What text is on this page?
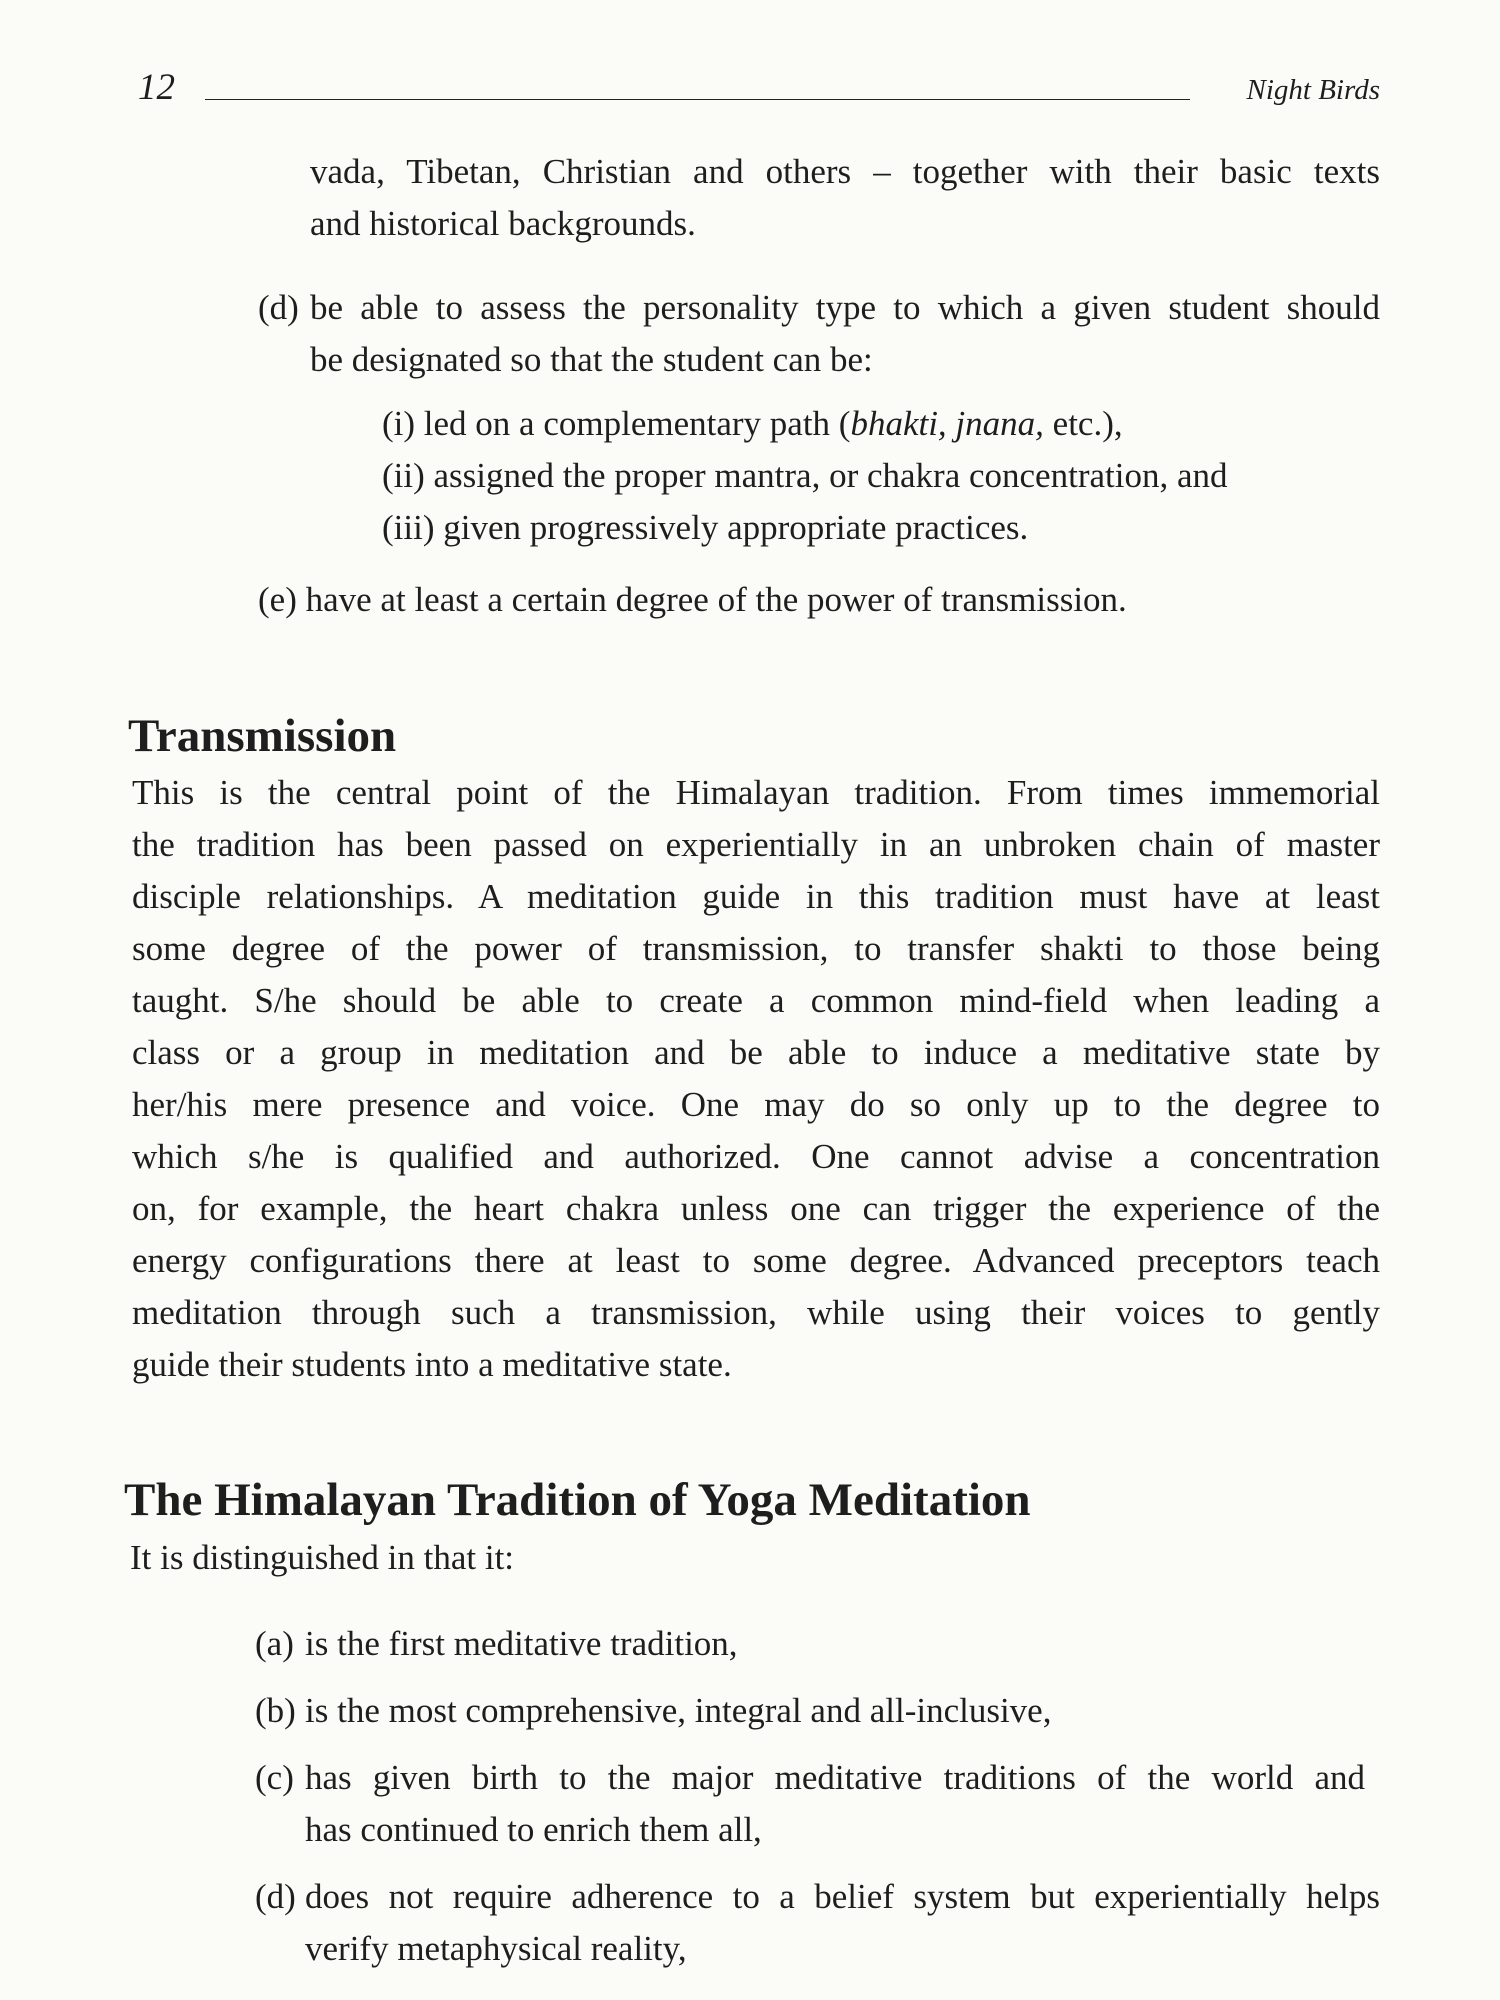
12	Night Birds
vada, Tibetan, Christian and others – together with their basic texts
and historical backgrounds.
(d) be able to assess the personality type to which a given student should
be designated so that the student can be:
(i) led on a complementary path (bhakti, jnana, etc.),
(ii) assigned the proper mantra, or chakra concentration, and
(iii) given progressively appropriate practices.
(e) have at least a certain degree of the power of transmission.
Transmission
This is the central point of the Himalayan tradition. From times immemorial
the tradition has been passed on experientially in an unbroken chain of master
disciple relationships. A meditation guide in this tradition must have at least
some degree of the power of transmission, to transfer shakti to those being
taught. S/he should be able to create a common mind-field when leading a
class or a group in meditation and be able to induce a meditative state by
her/his mere presence and voice. One may do so only up to the degree to
which s/he is qualified and authorized. One cannot advise a concentration
on, for example, the heart chakra unless one can trigger the experience of the
energy configurations there at least to some degree. Advanced preceptors teach
meditation through such a transmission, while using their voices to gently
guide their students into a meditative state.
The Himalayan Tradition of Yoga Meditation
It is distinguished in that it:
(a) is the first meditative tradition,
(b) is the most comprehensive, integral and all-inclusive,
(c) has given birth to the major meditative traditions of the world and
has continued to enrich them all,
(d) does not require adherence to a belief system but experientially helps
verify metaphysical reality,
